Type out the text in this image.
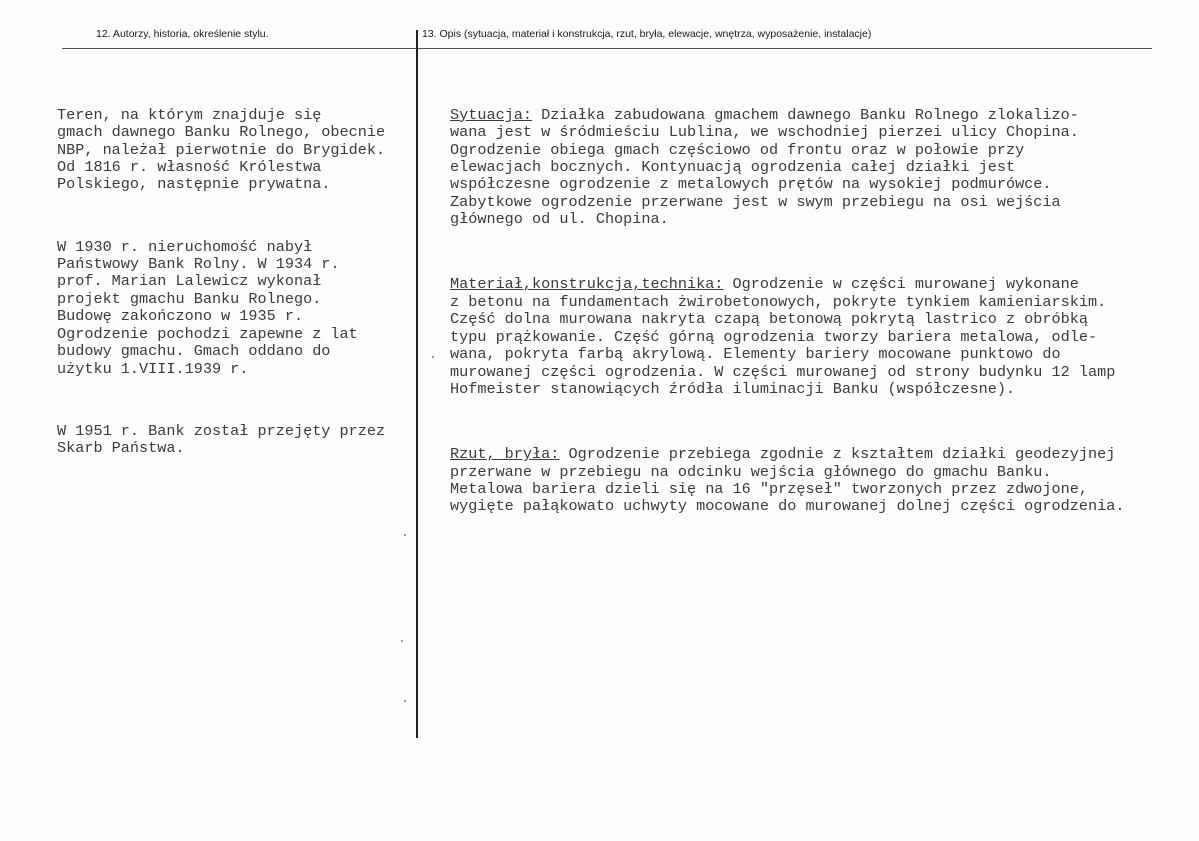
12. Autorzy, historia, określenie stylu.	13. Opis (sytuacja, materiał i konstrukcja, rzut, bryła, elewacje, wnętrza, wyposażenie, instalacje)

Teren, na którym znajduje się
gmach dawnego Banku Rolnego, obecnie
NBP, należał pierwotnie do Brygidek.
Od 1816 r. własność Królestwa
Polskiego, następnie prywatna.

W 1930 r. nieruchomość nabył
Państwowy Bank Rolny. W 1934 r.
prof. Marian Lalewicz wykonał
projekt gmachu Banku Rolnego.
Budowę zakończono w 1935 r.
Ogrodzenie pochodzi zapewne z lat
budowy gmachu. Gmach oddano do
użytku 1.VIII.1939 r.

W 1951 r. Bank został przejęty przez
Skarb Państwa.

Sytuacja: Działka zabudowana gmachem dawnego Banku Rolnego zlokalizo-
wana jest w śródmieściu Lublina, we wschodniej pierzei ulicy Chopina.
Ogrodzenie obiega gmach częściowo od frontu oraz w połowie przy
elewacjach bocznych. Kontynuacją ogrodzenia całej działki jest
współczesne ogrodzenie z metalowych prętów na wysokiej podmurówce.
Zabytkowe ogrodzenie przerwane jest w swym przebiegu na osi wejścia
głównego od ul. Chopina.

Materiał,konstrukcja,technika: Ogrodzenie w części murowanej wykonane
z betonu na fundamentach żwirobetonowych, pokryte tynkiem kamieniarskim.
Część dolna murowana nakryta czapą betonową pokrytą lastrico z obróbką
typu prążkowanie. Część górną ogrodzenia tworzy bariera metalowa, odle-
wana, pokryta farbą akrylową. Elementy bariery mocowane punktowo do
murowanej części ogrodzenia. W części murowanej od strony budynku 12 lamp
Hofmeister stanowiących źródła iluminacji Banku (współczesne).

Rzut, bryła: Ogrodzenie przebiega zgodnie z kształtem działki geodezyjnej
przerwane w przebiegu na odcinku wejścia głównego do gmachu Banku.
Metalowa bariera dzieli się na 16 "przęseł" tworzonych przez zdwojone,
wygięte pałąkowato uchwyty mocowane do murowanej dolnej części ogrodzenia.
